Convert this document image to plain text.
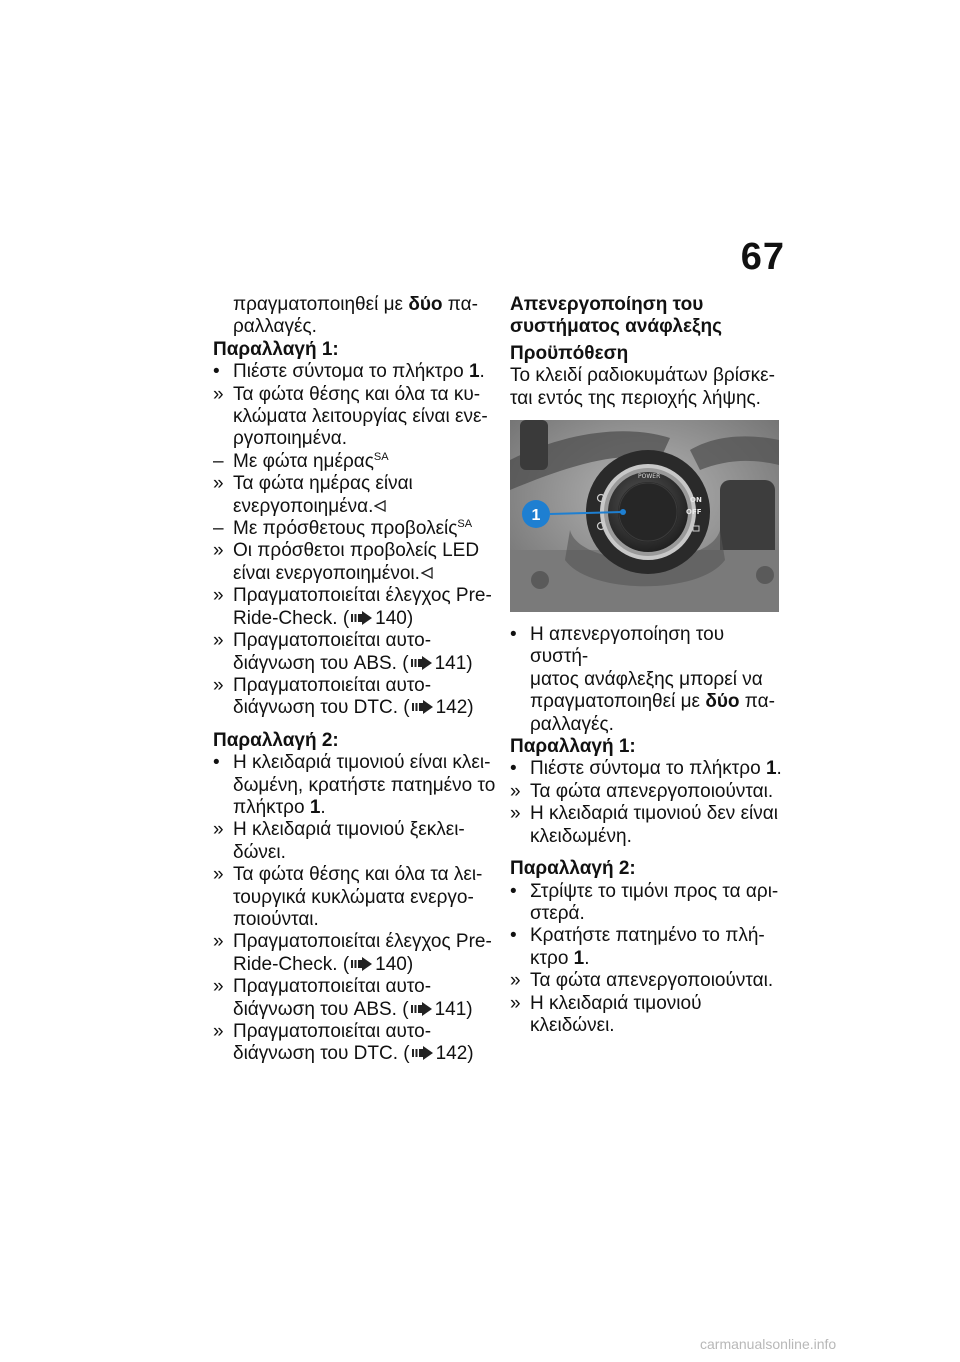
67
πραγματοποιηθεί με δύο πα-
ραλλαγές.
Παραλλαγή 1:
• Πιέστε σύντομα το πλήκτρο 1.
» Τα φώτα θέσης και όλα τα κυ-
κλώματα λειτουργίας είναι ενε-
ργοποιημένα.
– Με φώτα ημέρας$^{SA}$
» Τα φώτα ημέρας είναι
ενεργοποιημένα.
– Με πρόσθετους προβολείς$^{SA}$
» Οι πρόσθετοι προβολείς LED
είναι ενεργοποιημένοι.
» Πραγματοποιείται έλεγχος Pre-
Ride-Check. ( 140)
» Πραγματοποιείται αυτο-
διάγνωση του ABS. ( 141)
» Πραγματοποιείται αυτο-
διάγνωση του DTC. ( 142)
Παραλλαγή 2:
• Η κλειδαριά τιμονιού είναι κλει-
δωμένη, κρατήστε πατημένο το
πλήκτρο 1.
» Η κλειδαριά τιμονιού ξεκλει-
δώνει.
» Τα φώτα θέσης και όλα τα λει-
τουργικά κυκλώματα ενεργο-
ποιούνται.
» Πραγματοποιείται έλεγχος Pre-
Ride-Check. ( 140)
» Πραγματοποιείται αυτο-
διάγνωση του ABS. ( 141)
» Πραγματοποιείται αυτο-
διάγνωση του DTC. ( 142)
Απενεργοποίηση του
συστήματος ανάφλεξης
Προϋπόθεση
Το κλειδί ραδιοκυμάτων βρίσκε-
ται εντός της περιοχής λήψης.
POWER
ON
OFF
1
• Η απενεργοποίηση του συστή-
ματος ανάφλεξης μπορεί να
πραγματοποιηθεί με δύο πα-
ραλλαγές.
Παραλλαγή 1:
• Πιέστε σύντομα το πλήκτρο 1.
» Τα φώτα απενεργοποιούνται.
» Η κλειδαριά τιμονιού δεν είναι
κλειδωμένη.
Παραλλαγή 2:
• Στρίψτε το τιμόνι προς τα αρι-
στερά.
• Κρατήστε πατημένο το πλή-
κτρο 1.
» Τα φώτα απενεργοποιούνται.
» Η κλειδαριά τιμονιού κλειδώνει.
carmanualsonline.info
